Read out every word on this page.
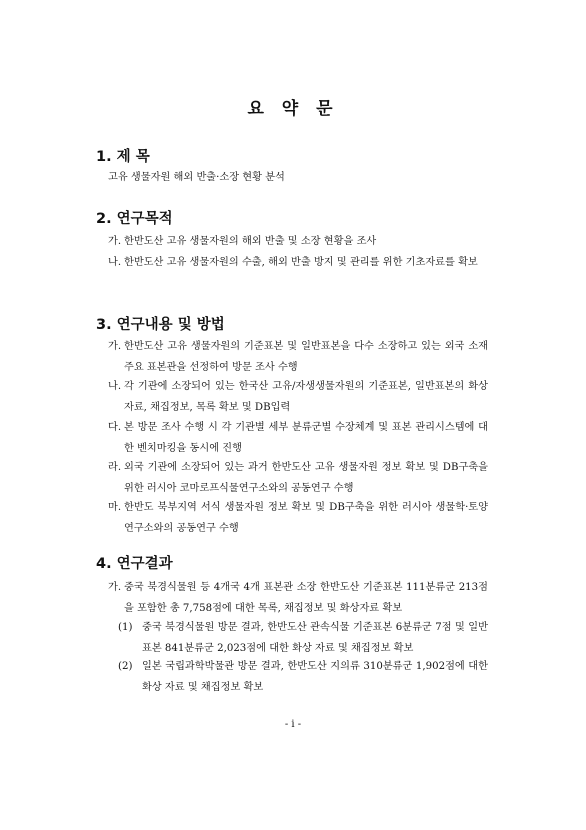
요 약 문
1. 제 목
고유 생물자원 해외 반출·소장 현황 분석
2. 연구목적
가. 한반도산 고유 생물자원의 해외 반출 및 소장 현황을 조사
나. 한반도산 고유 생물자원의 수출, 해외 반출 방지 및 관리를 위한 기초자료를 확보
3. 연구내용 및 방법
가. 한반도산 고유 생물자원의 기준표본 및 일반표본을 다수 소장하고 있는 외국 소재 주요 표본관을 선정하여 방문 조사 수행
나. 각 기관에 소장되어 있는 한국산 고유/자생생물자원의 기준표본, 일반표본의 화상자료, 채집정보, 목록 확보 및 DB입력
다. 본 방문 조사 수행 시 각 기관별 세부 분류군별 수장체계 및 표본 관리시스템에 대한 벤치마킹을 동시에 진행
라. 외국 기관에 소장되어 있는 과거 한반도산 고유 생물자원 정보 확보 및 DB구축을 위한 러시아 코마로프식물연구소와의 공동연구 수행
마. 한반도 북부지역 서식 생물자원 정보 확보 및 DB구축을 위한 러시아 생물학·토양연구소와의 공동연구 수행
4. 연구결과
가. 중국 북경식물원 등 4개국 4개 표본관 소장 한반도산 기준표본 111분류군 213점을 포함한 총 7,758점에 대한 목록, 채집정보 및 화상자료 확보
(1) 중국 북경식물원 방문 결과, 한반도산 관속식물 기준표본 6분류군 7점 및 일반표본 841분류군 2,023점에 대한 화상 자료 및 채집정보 확보
(2) 일본 국립과학박물관 방문 결과, 한반도산 지의류 310분류군 1,902점에 대한 화상 자료 및 채집정보 확보
- i -
